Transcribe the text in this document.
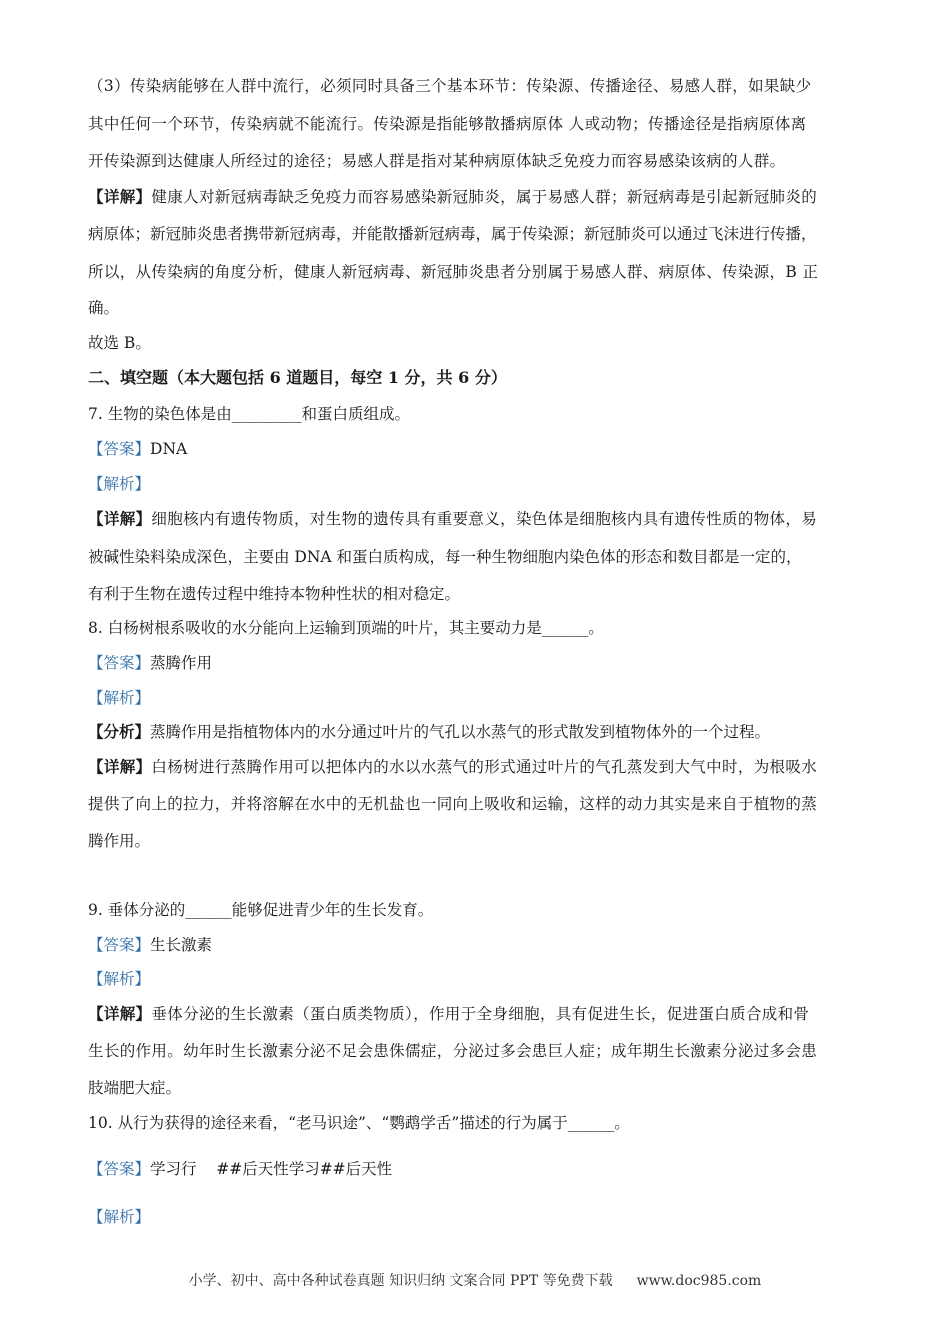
（3）传染病能够在人群中流行，必须同时具备三个基本环节：传染源、传播途径、易感人群，如果缺少
其中任何一个环节，传染病就不能流行。传染源是指能够散播病原体 人或动物；传播途径是指病原体离
开传染源到达健康人所经过的途径；易感人群是指对某种病原体缺乏免疫力而容易感染该病的人群。
【详解】健康人对新冠病毒缺乏免疫力而容易感染新冠肺炎，属于易感人群；新冠病毒是引起新冠肺炎的
病原体；新冠肺炎患者携带新冠病毒，并能散播新冠病毒，属于传染源；新冠肺炎可以通过飞沫进行传播，
所以，从传染病的角度分析，健康人新冠病毒、新冠肺炎患者分别属于易感人群、病原体、传染源，B 正
确。
故选 B。
二、填空题（本大题包括 6 道题目，每空 1 分，共 6 分）
7. 生物的染色体是由_________和蛋白质组成。
【答案】DNA
【解析】
【详解】细胞核内有遗传物质，对生物的遗传具有重要意义，染色体是细胞核内具有遗传性质的物体，易
被碱性染料染成深色，主要由 DNA 和蛋白质构成，每一种生物细胞内染色体的形态和数目都是一定的，
有利于生物在遗传过程中维持本物种性状的相对稳定。
8. 白杨树根系吸收的水分能向上运输到顶端的叶片，其主要动力是______。
【答案】蒸腾作用
【解析】
【分析】蒸腾作用是指植物体内的水分通过叶片的气孔以水蒸气的形式散发到植物体外的一个过程。
【详解】白杨树进行蒸腾作用可以把体内的水以水蒸气的形式通过叶片的气孔蒸发到大气中时，为根吸水
提供了向上的拉力，并将溶解在水中的无机盐也一同向上吸收和运输，这样的动力其实是来自于植物的蒸
腾作用。
9. 垂体分泌的______能够促进青少年的生长发育。
【答案】生长激素
【解析】
【详解】垂体分泌的生长激素（蛋白质类物质），作用于全身细胞，具有促进生长，促进蛋白质合成和骨
生长的作用。幼年时生长激素分泌不足会患侏儒症，分泌过多会患巨人症；成年期生长激素分泌过多会患
肢端肥大症。
10. 从行为获得的途径来看，“老马识途”、“鹦鹉学舌”描述的行为属于______。
【答案】学习行    ##后天性学习##后天性
【解析】
小学、初中、高中各种试卷真题 知识归纳 文案合同 PPT 等免费下载 www.doc985.com
